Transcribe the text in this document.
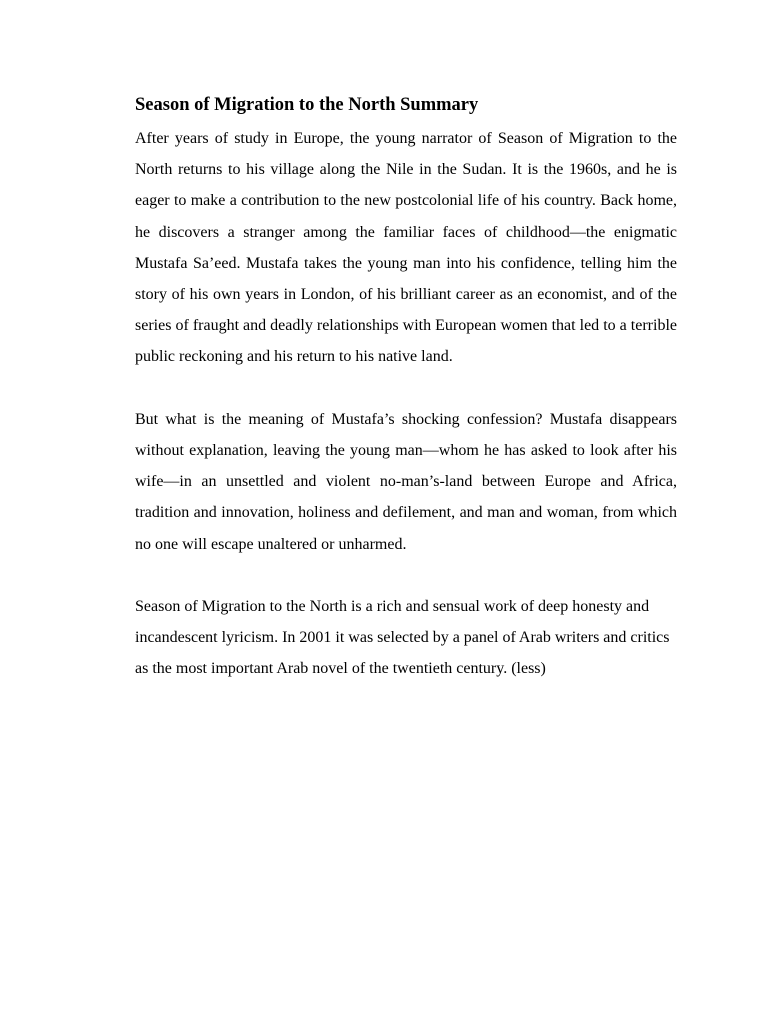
Season of Migration to the North Summary

After years of study in Europe, the young narrator of Season of Migration to the North returns to his village along the Nile in the Sudan. It is the 1960s, and he is eager to make a contribution to the new postcolonial life of his country. Back home, he discovers a stranger among the familiar faces of childhood—the enigmatic Mustafa Sa’eed. Mustafa takes the young man into his confidence, telling him the story of his own years in London, of his brilliant career as an economist, and of the series of fraught and deadly relationships with European women that led to a terrible public reckoning and his return to his native land.

But what is the meaning of Mustafa’s shocking confession? Mustafa disappears without explanation, leaving the young man—whom he has asked to look after his wife—in an unsettled and violent no-man’s-land between Europe and Africa, tradition and innovation, holiness and defilement, and man and woman, from which no one will escape unaltered or unharmed.

Season of Migration to the North is a rich and sensual work of deep honesty and incandescent lyricism. In 2001 it was selected by a panel of Arab writers and critics as the most important Arab novel of the twentieth century. (less)
